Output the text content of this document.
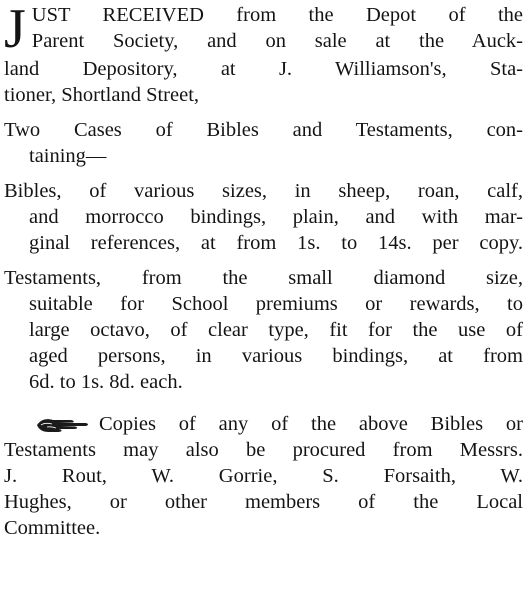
J UST RECEIVED from the Depot of the
Parent Society, and on sale at the Auck-
land Depository, at J. Williamson's, Sta-
tioner, Shortland Street,
Two Cases of Bibles and Testaments, con-
taining—
Bibles, of various sizes, in sheep, roan, calf,
and morrocco bindings, plain, and with mar-
ginal references, at from 1s. to 14s. per copy.
Testaments, from the small diamond size,
suitable for School premiums or rewards, to
large octavo, of clear type, fit for the use of
aged persons, in various bindings, at from
6d. to 1s. 8d. each.
Copies of any of the above Bibles or
Testaments may also be procured from Messrs.
J. Rout, W. Gorrie, S. Forsaith, W.
Hughes, or other members of the Local
Committee.
